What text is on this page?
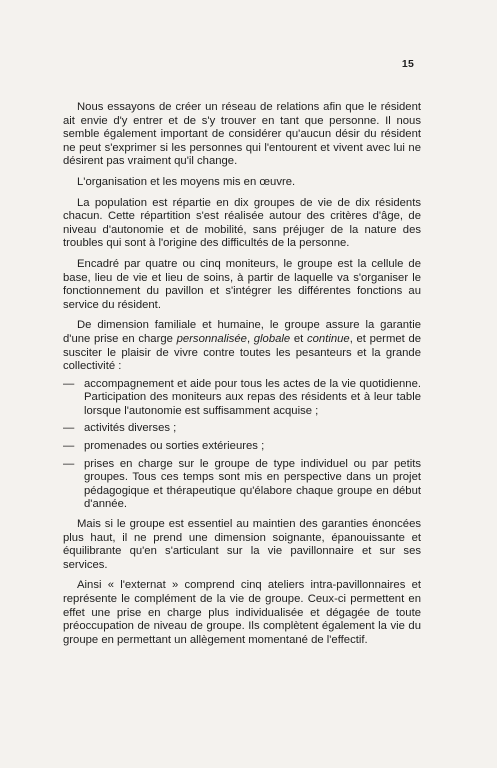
15

Nous essayons de créer un réseau de relations afin que le résident ait envie d'y entrer et de s'y trouver en tant que personne. Il nous semble également important de considérer qu'aucun désir du résident ne peut s'exprimer si les personnes qui l'entourent et vivent avec lui ne désirent pas vraiment qu'il change.

L'organisation et les moyens mis en œuvre.

La population est répartie en dix groupes de vie de dix résidents chacun. Cette répartition s'est réalisée autour des critères d'âge, de niveau d'autonomie et de mobilité, sans préjuger de la nature des troubles qui sont à l'origine des difficultés de la personne.

Encadré par quatre ou cinq moniteurs, le groupe est la cellule de base, lieu de vie et lieu de soins, à partir de laquelle va s'organiser le fonctionnement du pavillon et s'intégrer les différentes fonctions au service du résident.

De dimension familiale et humaine, le groupe assure la garantie d'une prise en charge personnalisée, globale et continue, et permet de susciter le plaisir de vivre contre toutes les pesanteurs et la grande collectivité :

— accompagnement et aide pour tous les actes de la vie quotidienne. Participation des moniteurs aux repas des résidents et à leur table lorsque l'autonomie est suffisamment acquise ;
— activités diverses ;
— promenades ou sorties extérieures ;
— prises en charge sur le groupe de type individuel ou par petits groupes. Tous ces temps sont mis en perspective dans un projet pédagogique et thérapeutique qu'élabore chaque groupe en début d'année.

Mais si le groupe est essentiel au maintien des garanties énoncées plus haut, il ne prend une dimension soignante, épanouissante et équilibrante qu'en s'articulant sur la vie pavillonnaire et sur ses services.

Ainsi « l'externat » comprend cinq ateliers intra-pavillonnaires et représente le complément de la vie de groupe. Ceux-ci permettent en effet une prise en charge plus individualisée et dégagée de toute préoccupation de niveau de groupe. Ils complètent également la vie du groupe en permettant un allègement momentané de l'effectif.
